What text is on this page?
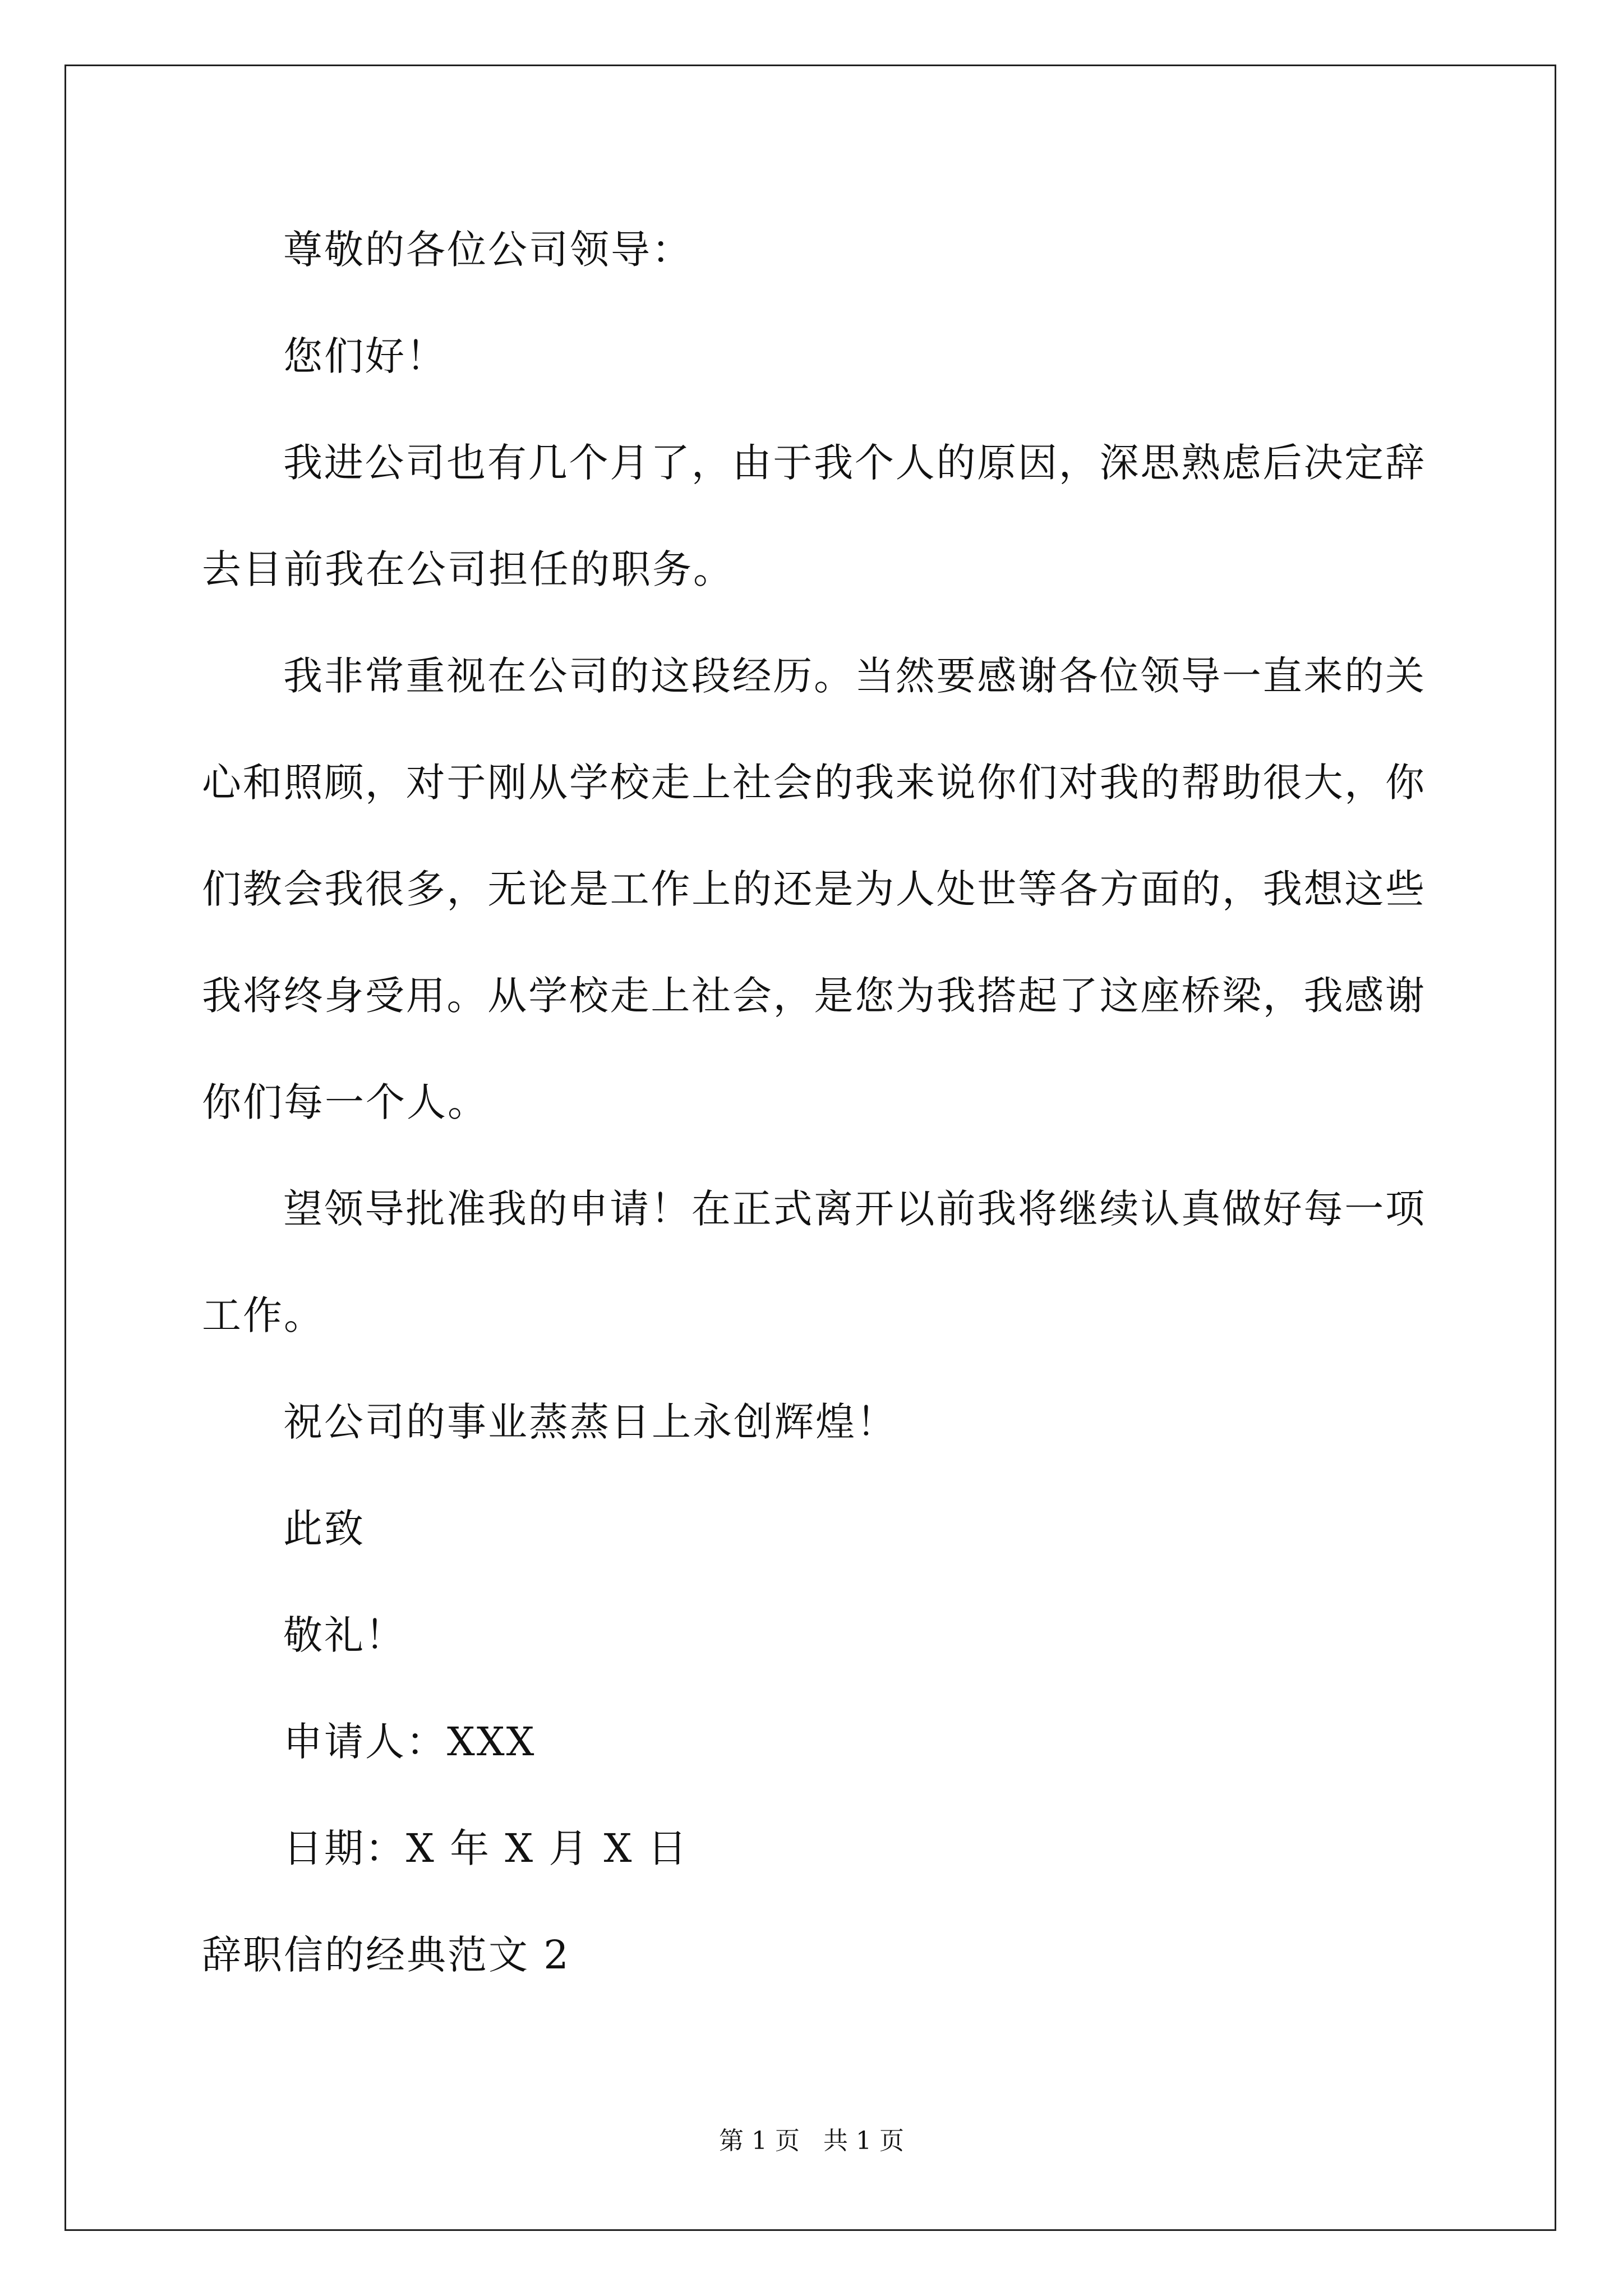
尊敬的各位公司领导：
您们好！
我进公司也有几个月了，由于我个人的原因，深思熟虑后决定辞
去目前我在公司担任的职务。
我非常重视在公司的这段经历。当然要感谢各位领导一直来的关
心和照顾，对于刚从学校走上社会的我来说你们对我的帮助很大，你
们教会我很多，无论是工作上的还是为人处世等各方面的，我想这些
我将终身受用。从学校走上社会，是您为我搭起了这座桥梁，我感谢
你们每一个人。
望领导批准我的申请！在正式离开以前我将继续认真做好每一项
工作。
祝公司的事业蒸蒸日上永创辉煌！
此致
敬礼！
申请人：XXX
日期：X 年 X 月 X 日
辞职信的经典范文 2
第 1 页   共 1 页
